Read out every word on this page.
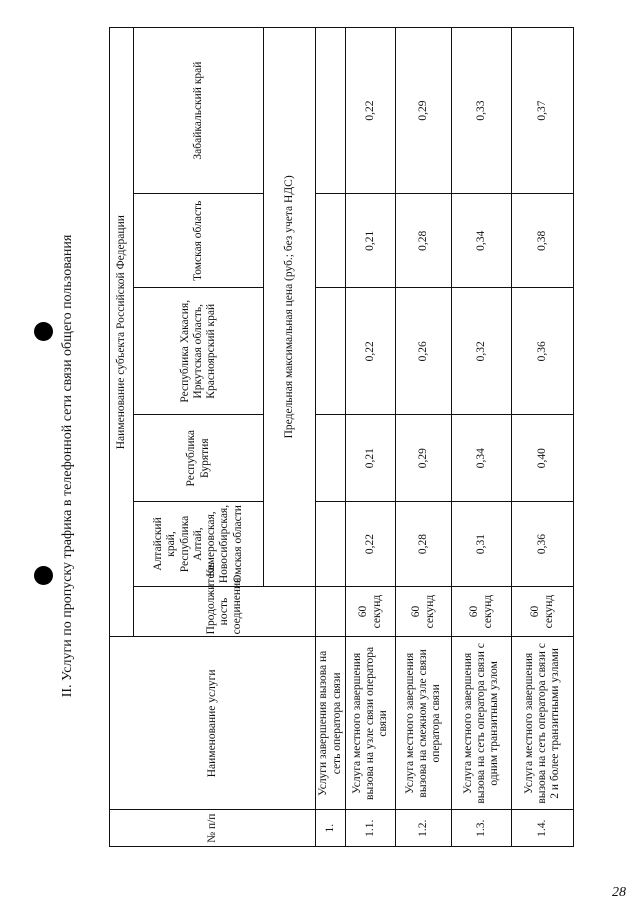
II. Услуги по пропуску трафика в телефонной сети связи общего пользования
№ п/п	Наименование услуги	Наименование субъекта Российской Федерации					
		Продолжитель ность соединения	Алтайский край, Республика Алтай, Кемеровская, Новосибирская, Омская области	Республика Бурятия	Республика Хакасия, Иркутская область, Красноярский край	Томская область	Забайкальский край
			Предельная максимальная цена (руб.; без учета НДС)				
1.	Услуги завершения вызова на сеть оператора связи						
1.1.	Услуга местного завершения вызова на узле связи оператора связи	60 секунд	0,22	0,21	0,22	0,21	0,22
1.2.	Услуга местного завершения вызова на смежном узле связи оператора связи	60 секунд	0,28	0,29	0,26	0,28	0,29
1.3.	Услуга местного завершения вызова на сеть оператора связи с одним транзитным узлом	60 секунд	0,31	0,34	0,32	0,34	0,33
1.4.	Услуга местного завершения вызова на сеть оператора связи с 2 и более транзитными узлами	60 секунд	0,36	0,40	0,36	0,38	0,37
28
